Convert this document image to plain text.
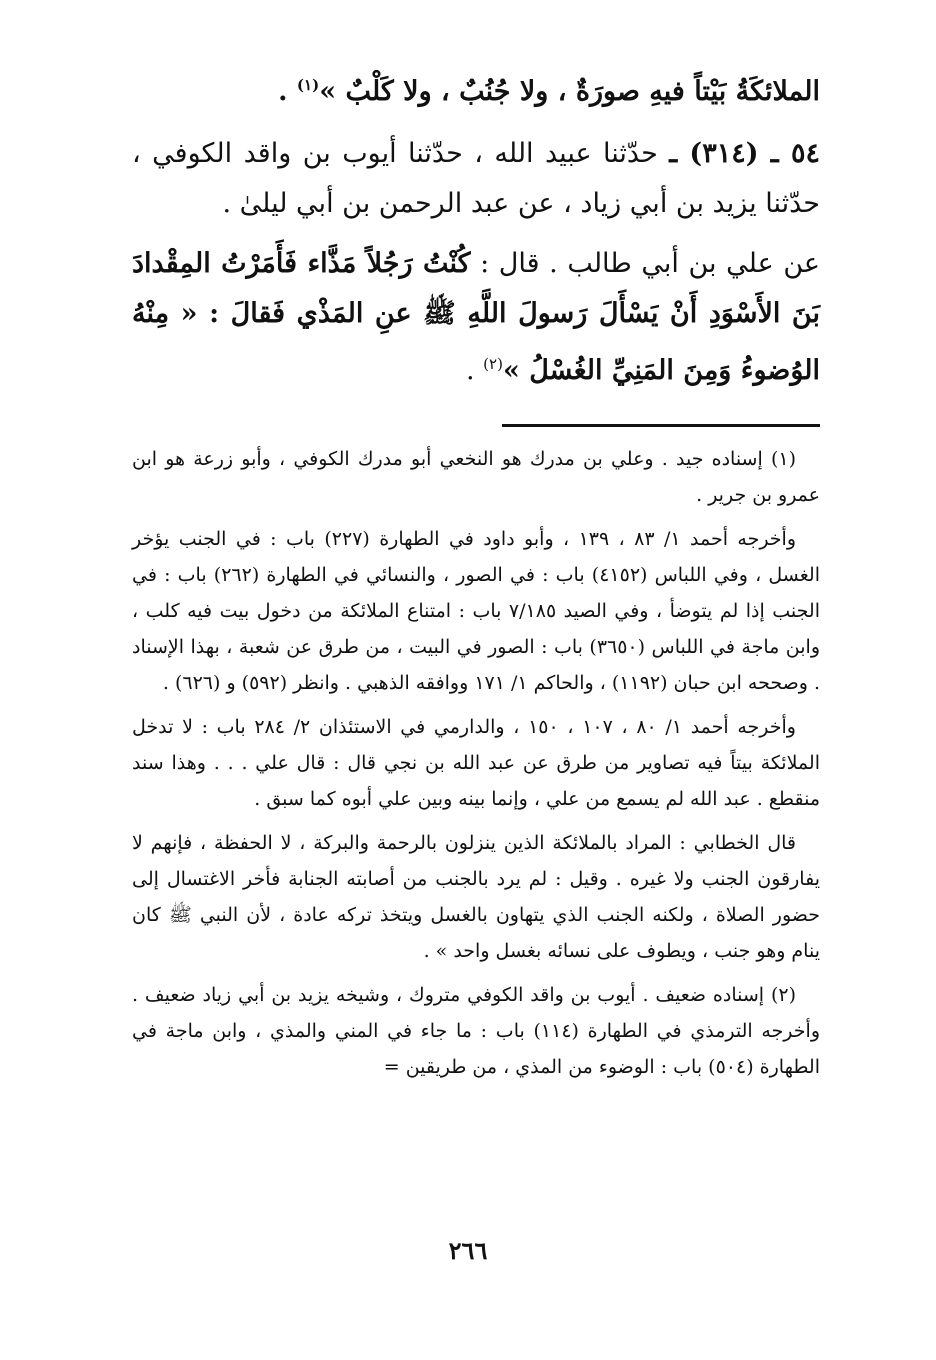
الملائكَةُ بَيْتاً فيهِ صورَةٌ ، ولا جُنُبٌ ، ولا كَلْبٌ »$^{(١)}$ .

٥٤ ـ (٣١٤) ـ حدّثنا عبيد الله ، حدّثنا أيوب بن واقد الكوفي ، حدّثنا يزيد بن أبي زياد ، عن عبد الرحمن بن أبي ليلىٰ .

عن علي بن أبي طالب . قال : كُنْتُ رَجُلاً مَذَّاء فَأَمَرْتُ المِقْدادَ بَنَ الأَسْوَدِ أَنْ يَسْأَلَ رَسولَ اللَّهِ ﷺ عنِ المَذْي فَقالَ : « مِنْهُ الوُضوءُ وَمِنَ المَنِيِّ الغُسْلُ »$^{(٢)}$ .

(١) إسناده جيد . وعلي بن مدرك هو النخعي أبو مدرك الكوفي ، وأبو زرعة هو ابن عمرو بن جرير .

وأخرجه أحمد ١/ ٨٣ ، ١٣٩ ، وأبو داود في الطهارة (٢٢٧) باب : في الجنب يؤخر الغسل ، وفي اللباس (٤١٥٢) باب : في الصور ، والنسائي في الطهارة (٢٦٢) باب : في الجنب إذا لم يتوضأ ، وفي الصيد ٧/١٨٥ باب : امتناع الملائكة من دخول بيت فيه كلب ، وابن ماجة في اللباس (٣٦٥٠) باب : الصور في البيت ، من طرق عن شعبة ، بهذا الإسناد . وصححه ابن حبان (١١٩٢) ، والحاكم ١/ ١٧١ ووافقه الذهبي . وانظر (٥٩٢) و (٦٢٦) .

وأخرجه أحمد ١/ ٨٠ ، ١٠٧ ، ١٥٠ ، والدارمي في الاستئذان ٢/ ٢٨٤ باب : لا تدخل الملائكة بيتاً فيه تصاوير من طرق عن عبد الله بن نجي قال : قال علي . . . وهذا سند منقطع . عبد الله لم يسمع من علي ، وإنما بينه وبين علي أبوه كما سبق .

قال الخطابي : المراد بالملائكة الذين ينزلون بالرحمة والبركة ، لا الحفظة ، فإنهم لا يفارقون الجنب ولا غيره . وقيل : لم يرد بالجنب من أصابته الجنابة فأخر الاغتسال إلى حضور الصلاة ، ولكنه الجنب الذي يتهاون بالغسل ويتخذ تركه عادة ، لأن النبي ﷺ كان ينام وهو جنب ، ويطوف على نسائه بغسل واحد » .

(٢) إسناده ضعيف . أيوب بن واقد الكوفي متروك ، وشيخه يزيد بن أبي زياد ضعيف . وأخرجه الترمذي في الطهارة (١١٤) باب : ما جاء في المني والمذي ، وابن ماجة في الطهارة (٥٠٤) باب : الوضوء من المذي ، من طريقين =

٢٦٦
